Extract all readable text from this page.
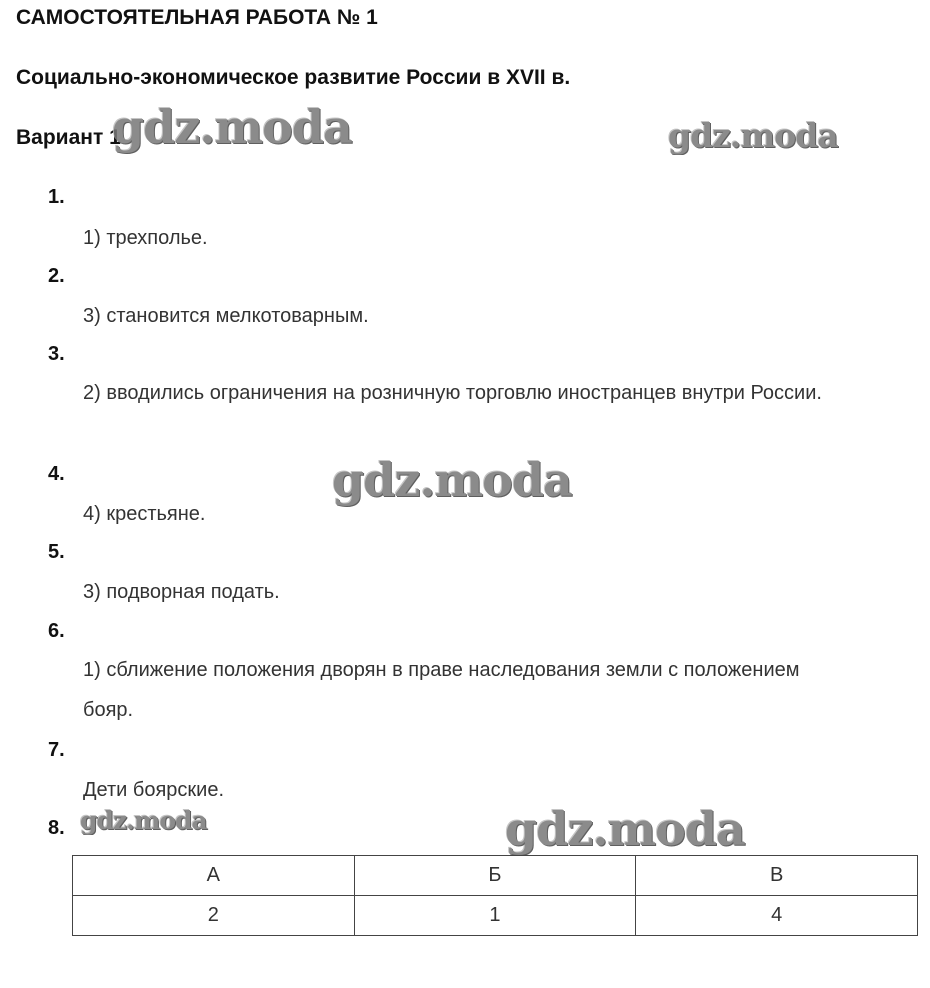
САМОСТОЯТЕЛЬНАЯ РАБОТА № 1
Социально-экономическое развитие России в XVII в.
Вариант 1
1.
1) трехполье.
2.
3) становится мелкотоварным.
3.
2) вводились ограничения на розничную торговлю иностранцев внутри России.
4.
4) крестьяне.
5.
3) подворная подать.
6.
1) сближение положения дворян в праве наследования земли с положением бояр.
7.
Дети боярские.
8.
А	Б	В
2	1	4
gdz.moda	gdz.moda
gdz.moda
gdz.moda	gdz.moda
